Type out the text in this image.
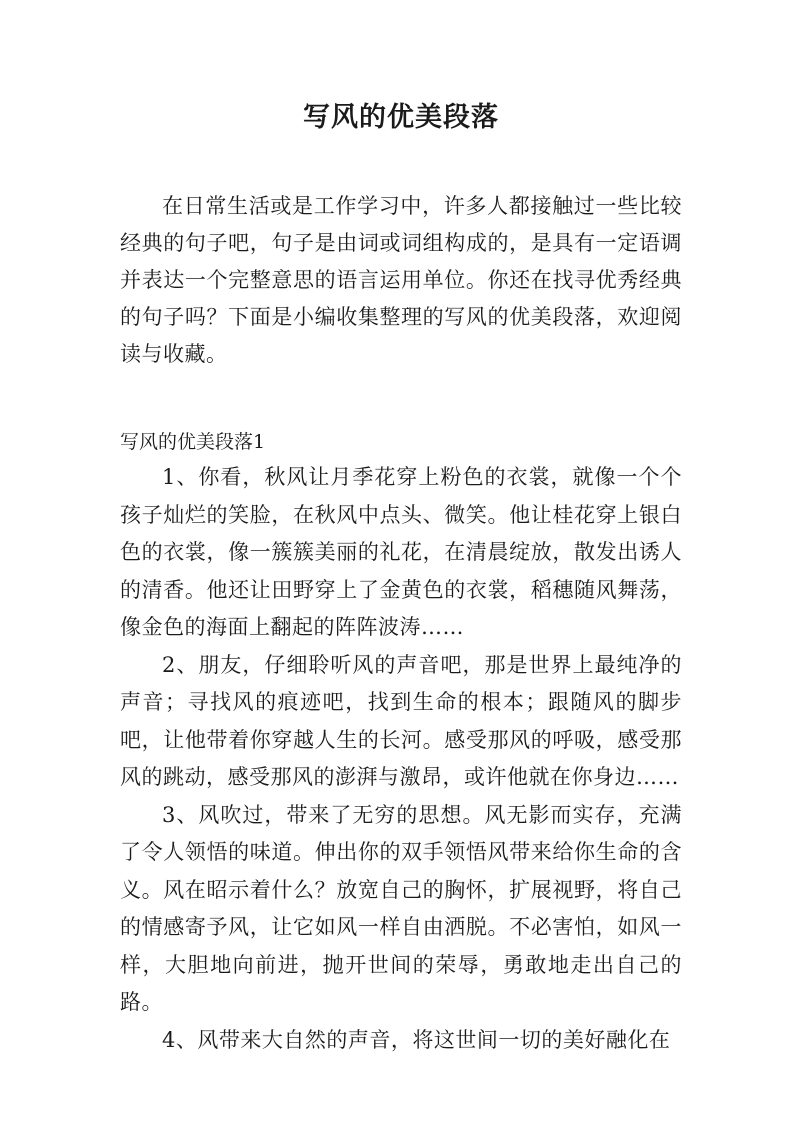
写风的优美段落

在日常生活或是工作学习中，许多人都接触过一些比较经典的句子吧，句子是由词或词组构成的，是具有一定语调并表达一个完整意思的语言运用单位。你还在找寻优秀经典的句子吗？下面是小编收集整理的写风的优美段落，欢迎阅读与收藏。

写风的优美段落1

1、你看，秋风让月季花穿上粉色的衣裳，就像一个个孩子灿烂的笑脸，在秋风中点头、微笑。他让桂花穿上银白色的衣裳，像一簇簇美丽的礼花，在清晨绽放，散发出诱人的清香。他还让田野穿上了金黄色的衣裳，稻穗随风舞荡，像金色的海面上翻起的阵阵波涛……

2、朋友，仔细聆听风的声音吧，那是世界上最纯净的声音；寻找风的痕迹吧，找到生命的根本；跟随风的脚步吧，让他带着你穿越人生的长河。感受那风的呼吸，感受那风的跳动，感受那风的澎湃与激昂，或许他就在你身边……

3、风吹过，带来了无穷的思想。风无影而实存，充满了令人领悟的味道。伸出你的双手领悟风带来给你生命的含义。风在昭示着什么？放宽自己的胸怀，扩展视野，将自己的情感寄予风，让它如风一样自由洒脱。不必害怕，如风一样，大胆地向前进，抛开世间的荣辱，勇敢地走出自己的路。

4、风带来大自然的声音，将这世间一切的美好融化在
